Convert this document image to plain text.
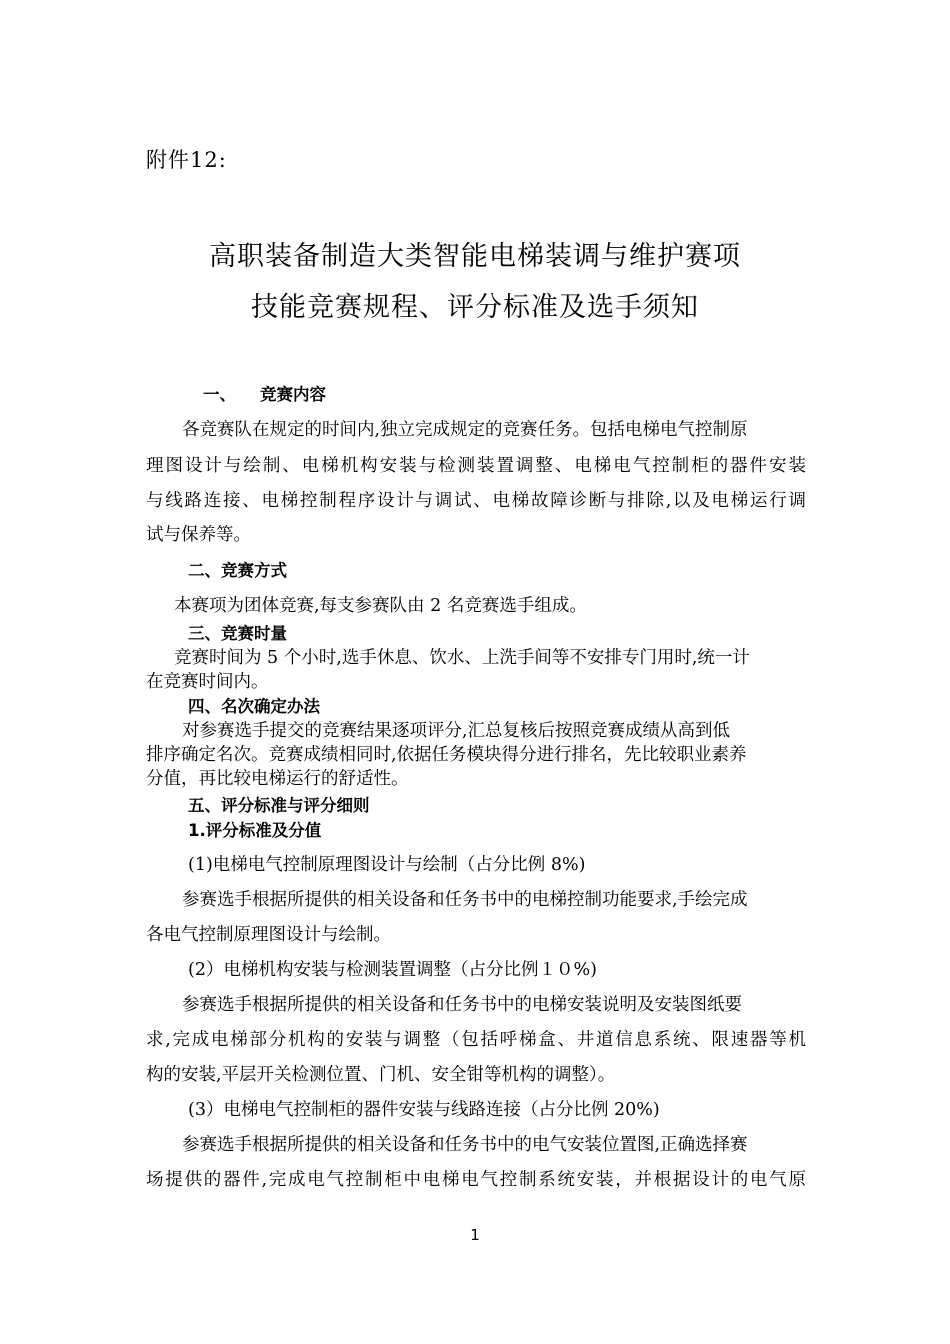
附件12:
高职装备制造大类智能电梯装调与维护赛项
技能竞赛规程、评分标准及选手须知
一、 竞赛内容
各竞赛队在规定的时间内,独立完成规定的竞赛任务。包括电梯电气控制原
理图设计与绘制、电梯机构安装与检测装置调整、电梯电气控制柜的器件安装
与线路连接、电梯控制程序设计与调试、电梯故障诊断与排除,以及电梯运行调
试与保养等。
二、竞赛方式
本赛项为团体竞赛,每支参赛队由 2 名竞赛选手组成。
三、竞赛时量
竞赛时间为 5 个小时,选手休息、饮水、上洗手间等不安排专门用时,统一计
在竞赛时间内。
四、名次确定办法
对参赛选手提交的竞赛结果逐项评分,汇总复核后按照竞赛成绩从高到低
排序确定名次。竞赛成绩相同时,依据任务模块得分进行排名，先比较职业素养
分值，再比较电梯运行的舒适性。
五、评分标准与评分细则
1.评分标准及分值
(1)电梯电气控制原理图设计与绘制（占分比例 8%)
参赛选手根据所提供的相关设备和任务书中的电梯控制功能要求,手绘完成
各电气控制原理图设计与绘制。
(2）电梯机构安装与检测装置调整（占分比例１０%)
参赛选手根据所提供的相关设备和任务书中的电梯安装说明及安装图纸要
求,完成电梯部分机构的安装与调整（包括呼梯盒、井道信息系统、限速器等机
构的安装,平层开关检测位置、门机、安全钳等机构的调整）。
(3）电梯电气控制柜的器件安装与线路连接（占分比例 20%)
参赛选手根据所提供的相关设备和任务书中的电气安装位置图,正确选择赛
场提供的器件,完成电气控制柜中电梯电气控制系统安装，并根据设计的电气原
1
